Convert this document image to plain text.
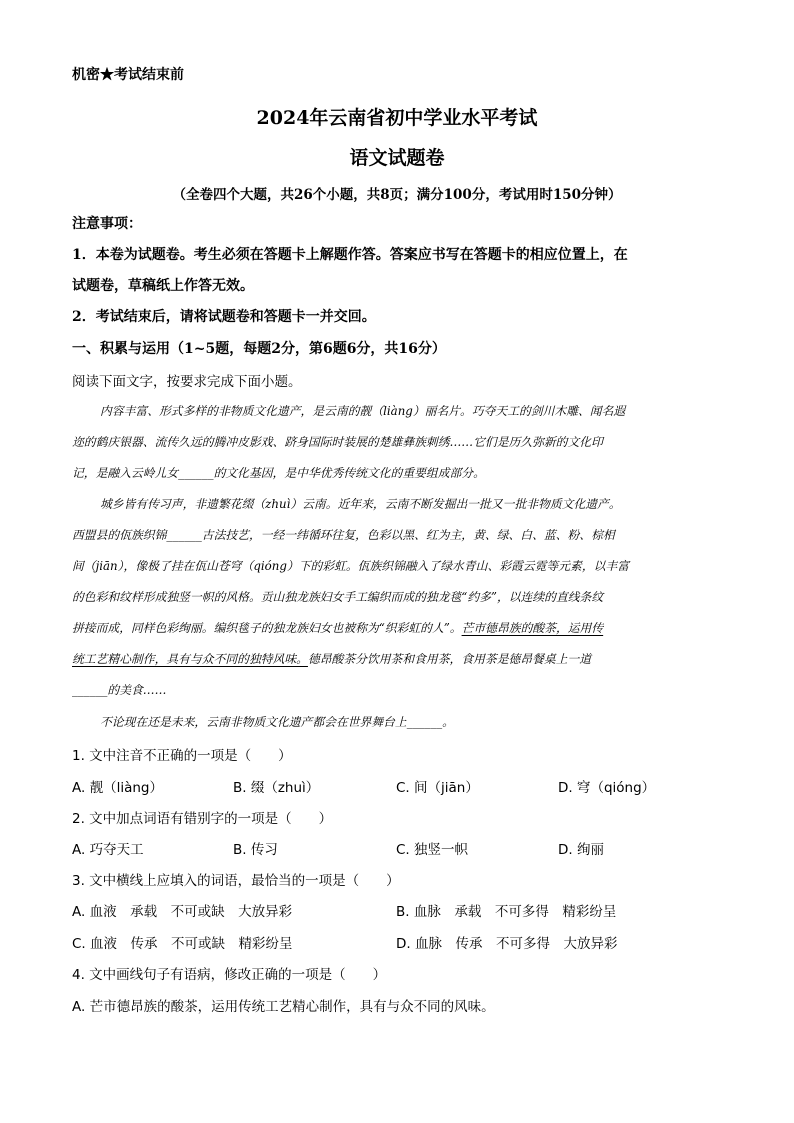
机密★考试结束前
2024年云南省初中学业水平考试
语文试题卷
（全卷四个大题，共26个小题，共8页；满分100分，考试用时150分钟）
注意事项：
1．本卷为试题卷。考生必须在答题卡上解题作答。答案应书写在答题卡的相应位置上，在
试题卷，草稿纸上作答无效。
2．考试结束后，请将试题卷和答题卡一并交回。
一、积累与运用（1~5题，每题2分，第6题6分，共16分）
阅读下面文字，按要求完成下面小题。
内容丰富、形式多样的非物质文化遗产，是云南的靓（liàng）丽名片。巧夺天工的剑川木雕、闻名遐
迩的鹤庆银器、流传久远的腾冲皮影戏、跻身国际时装展的楚雄彝族刺绣……它们是历久弥新的文化印
记，是融入云岭儿女______的文化基因，是中华优秀传统文化的重要组成部分。
城乡皆有传习声，非遗繁花缀（zhuì）云南。近年来，云南不断发掘出一批又一批非物质文化遗产。
西盟县的佤族织锦______古法技艺，一经一纬循环往复，色彩以黑、红为主，黄、绿、白、蓝、粉、棕相
间（jiān），像极了挂在佤山苍穹（qióng）下的彩虹。佤族织锦融入了绿水青山、彩霞云霓等元素，以丰富
的色彩和纹样形成独竖一帜的风格。贡山独龙族妇女手工编织而成的独龙毯“约多”，以连续的直线条纹
拼接而成，同样色彩绚丽。编织毯子的独龙族妇女也被称为“织彩虹的人”。芒市德昂族的酸茶，运用传
统工艺精心制作，具有与众不同的独特风味。德昂酸茶分饮用茶和食用茶，食用茶是德昂餐桌上一道
______的美食……
不论现在还是未来，云南非物质文化遗产都会在世界舞台上______。
1. 文中注音不正确的一项是（　　）
A. 靓（liàng）	B. 缀（zhuì）	C. 间（jiān）	D. 穹（qióng）
2. 文中加点词语有错别字的一项是（　　）
A. 巧夺天工	B. 传习	C. 独竖一帜	D. 绚丽
3. 文中横线上应填入的词语，最恰当的一项是（　　）
A. 血液　承载　不可或缺　大放异彩	B. 血脉　承载　不可多得　精彩纷呈
C. 血液　传承　不可或缺　精彩纷呈	D. 血脉　传承　不可多得　大放异彩
4. 文中画线句子有语病，修改正确的一项是（　　）
A. 芒市德昂族的酸茶，运用传统工艺精心制作，具有与众不同的风味。
